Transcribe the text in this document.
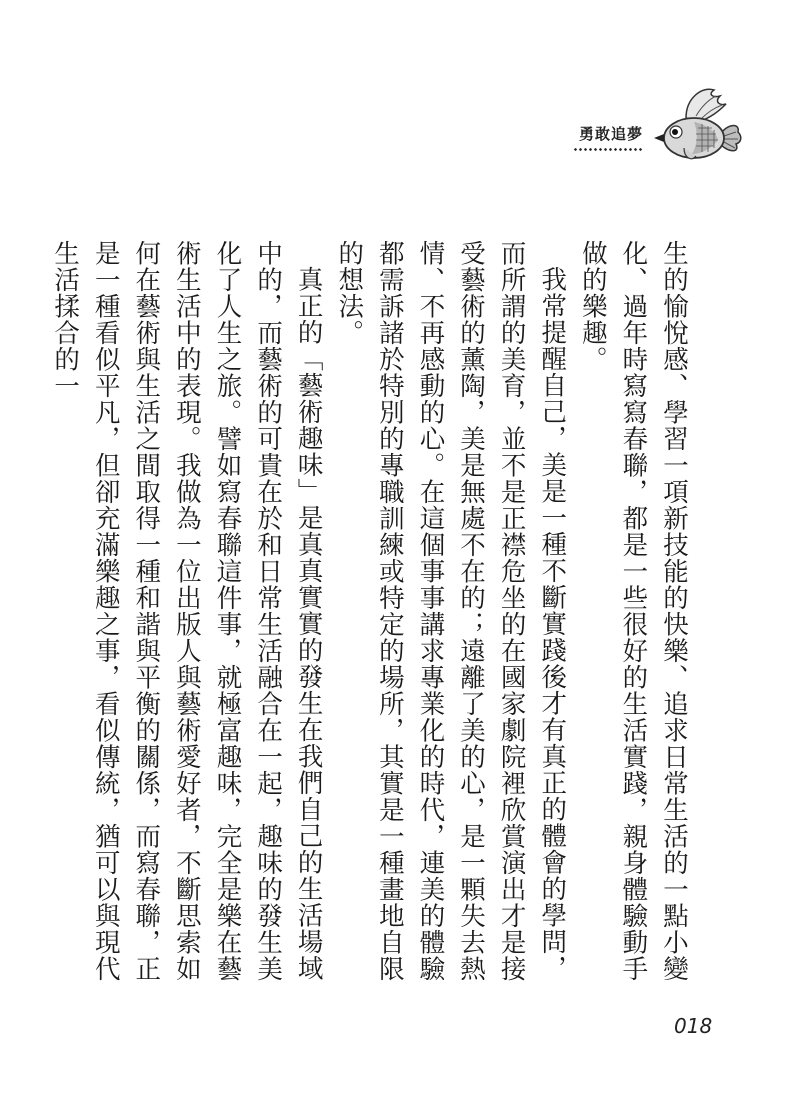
勇敢追夢

生的愉悅感、學習一項新技能的快樂、追求日常生活的一點小變化、過年時寫寫春聯，都是一些很好的生活實踐，親身體驗動手做的樂趣。

我常提醒自己，美是一種不斷實踐後才有真正的體會的學問，而所謂的美育，並不是正襟危坐的在國家劇院裡欣賞演出才是接受藝術的薰陶，美是無處不在的；遠離了美的心，是一顆失去熱情、不再感動的心。在這個事事講求專業化的時代，連美的體驗都需訴諸於特別的專職訓練或特定的場所，其實是一種畫地自限的想法。

真正的「藝術趣味」是真真實實的發生在我們自己的生活場域中的，而藝術的可貴在於和日常生活融合在一起，趣味的發生美化了人生之旅。譬如寫春聯這件事，就極富趣味，完全是樂在藝術生活中的表現。我做為一位出版人與藝術愛好者，不斷思索如何在藝術與生活之間取得一種和諧與平衡的關係，而寫春聯，正是一種看似平凡，但卻充滿樂趣之事，看似傳統，猶可以與現代生活揉合的一

018
